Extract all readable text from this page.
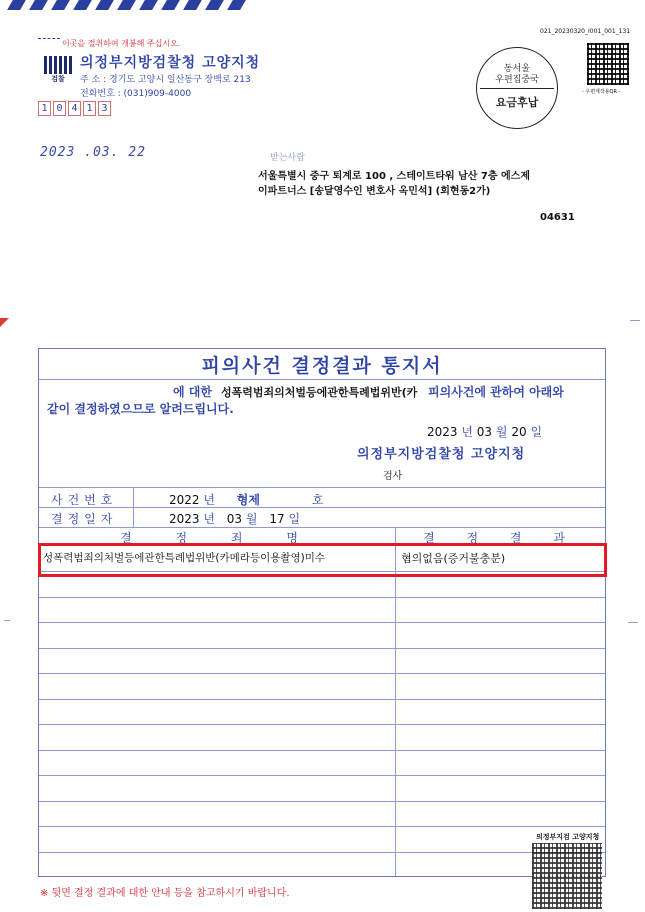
이곳을 절취하여 개봉해 주십시오.
검찰
의정부지방검찰청 고양지청
주 소 : 경기도 고양시 일산동구 장백로 213
전화번호 : (031)909-4000
1 0 4 1 3
2023 .03. 22
021_20230320_I001_001_131
동서울
우편집중국
요금후납
- 우편제작용QR -
받는사람
서울특별시 중구 퇴계로 100 , 스테이트타워 남산 7층 에스제
이파트너스 [송달영수인 변호사 옥민석] (회현동2가)
04631
피의사건 결정결과 통지서
에 대한 성폭력범죄의처벌등에관한특례법위반(카 피의사건에 관하여 아래와
같이 결정하였으므로 알려드립니다.
2023 년 03 월 20 일
의정부지방검찰청 고양지청
검사
사건번호	2022 년 형제	호
결정일자	2023 년 03 월 17 일
결 정 죄 명	결 정 결 과
성폭력범죄의처벌등에관한특례법위반(카메라등이용촬영)미수	혐의없음(증거불충분)
※ 뒷면 결정 결과에 대한 안내 등을 참고하시기 바랍니다.
의정부지검 고양지청
